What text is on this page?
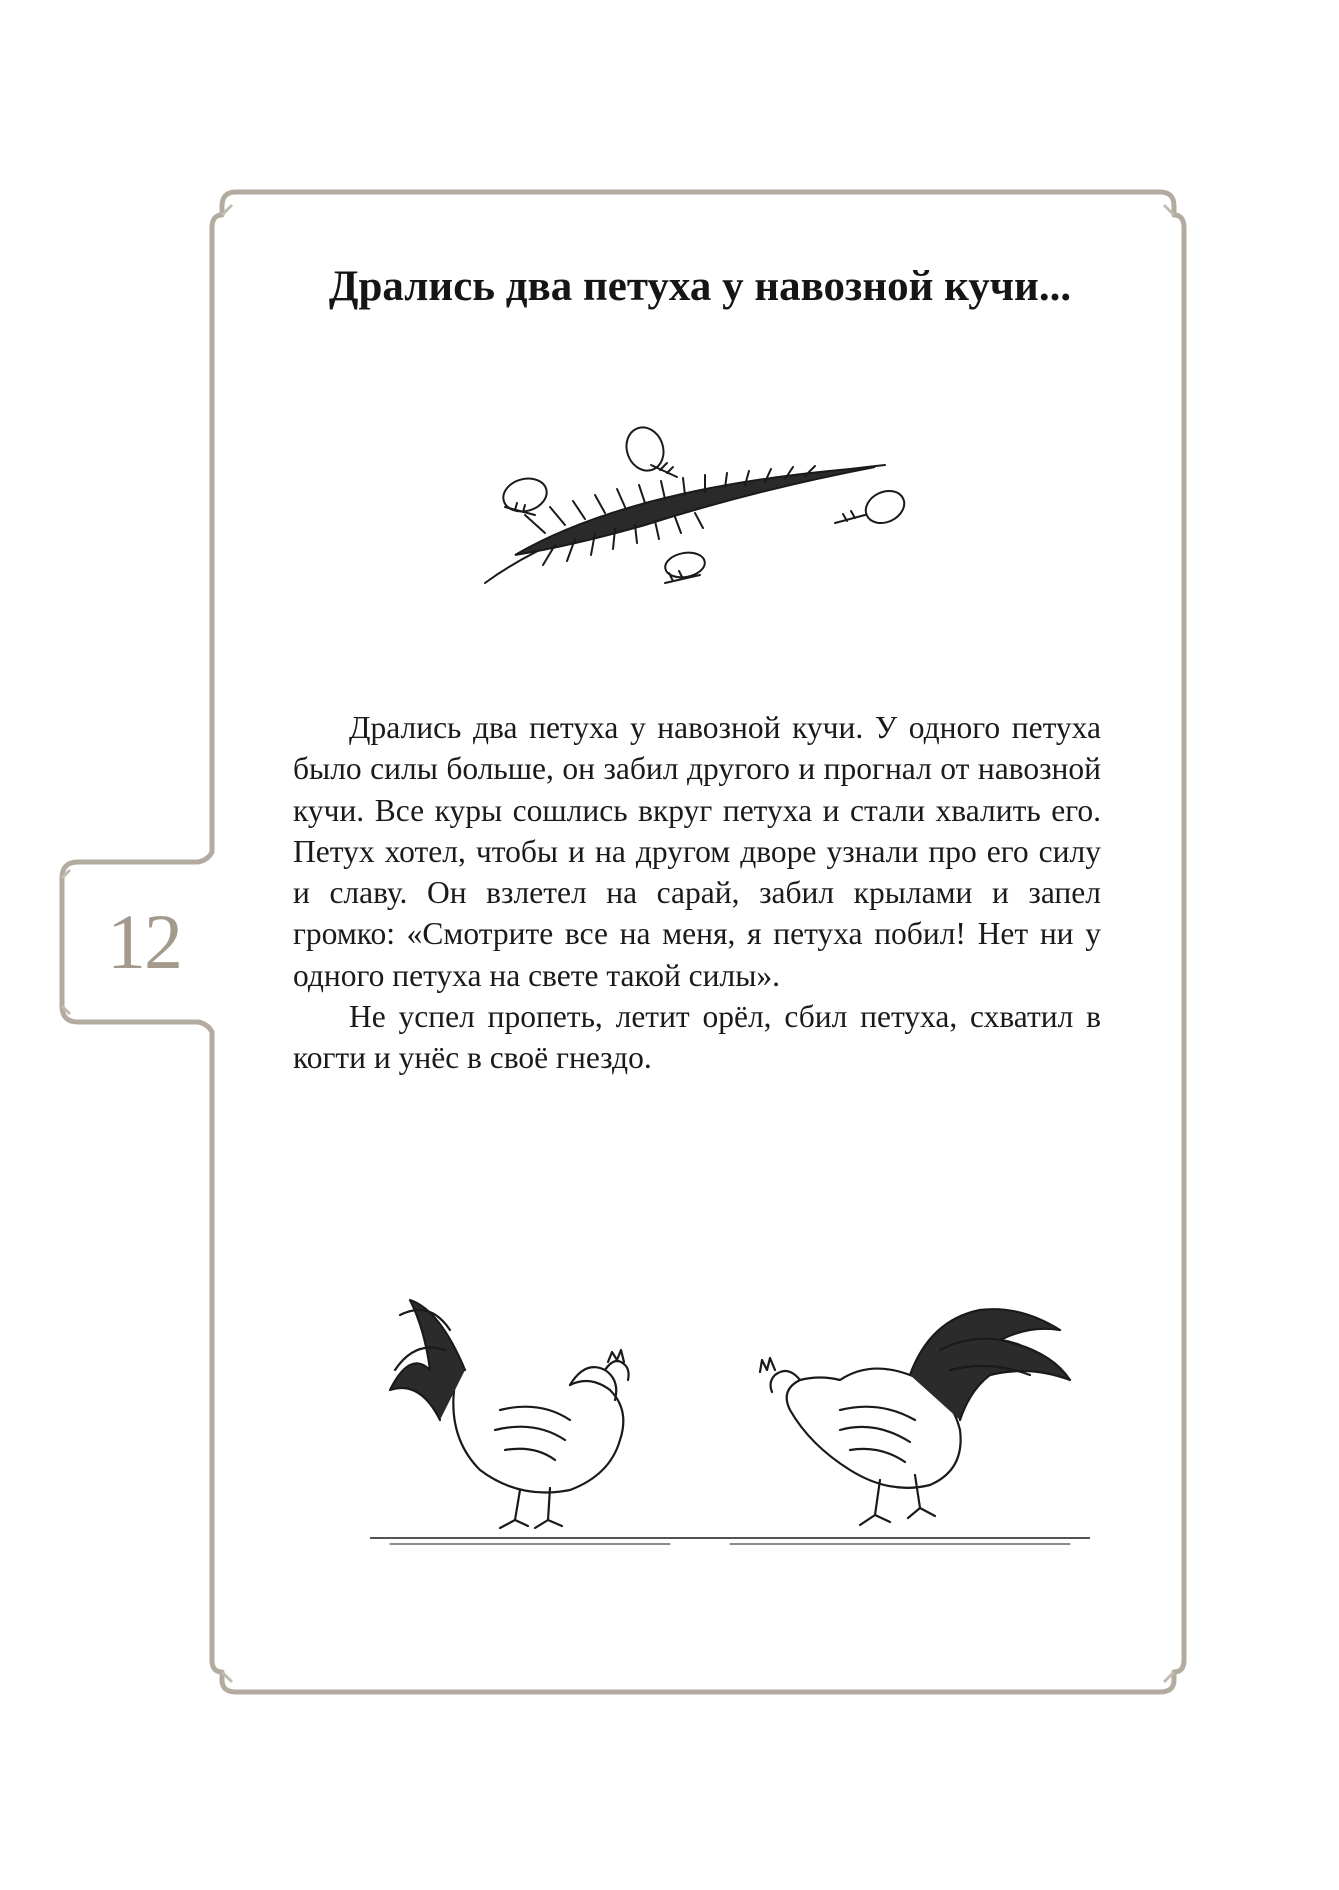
12
Дрались два петуха у навозной кучи...

Дрались два петуха у навозной кучи. У одного петуха было силы больше, он забил другого и прогнал от навозной кучи. Все куры сошлись вкруг петуха и стали хвалить его. Петух хотел, чтобы и на другом дворе узнали про его силу и славу. Он взлетел на сарай, забил крылами и запел громко: «Смотрите все на меня, я петуха побил! Нет ни у одного петуха на свете такой силы».

Не успел пропеть, летит орёл, сбил петуха, схватил в когти и унёс в своё гнездо.
